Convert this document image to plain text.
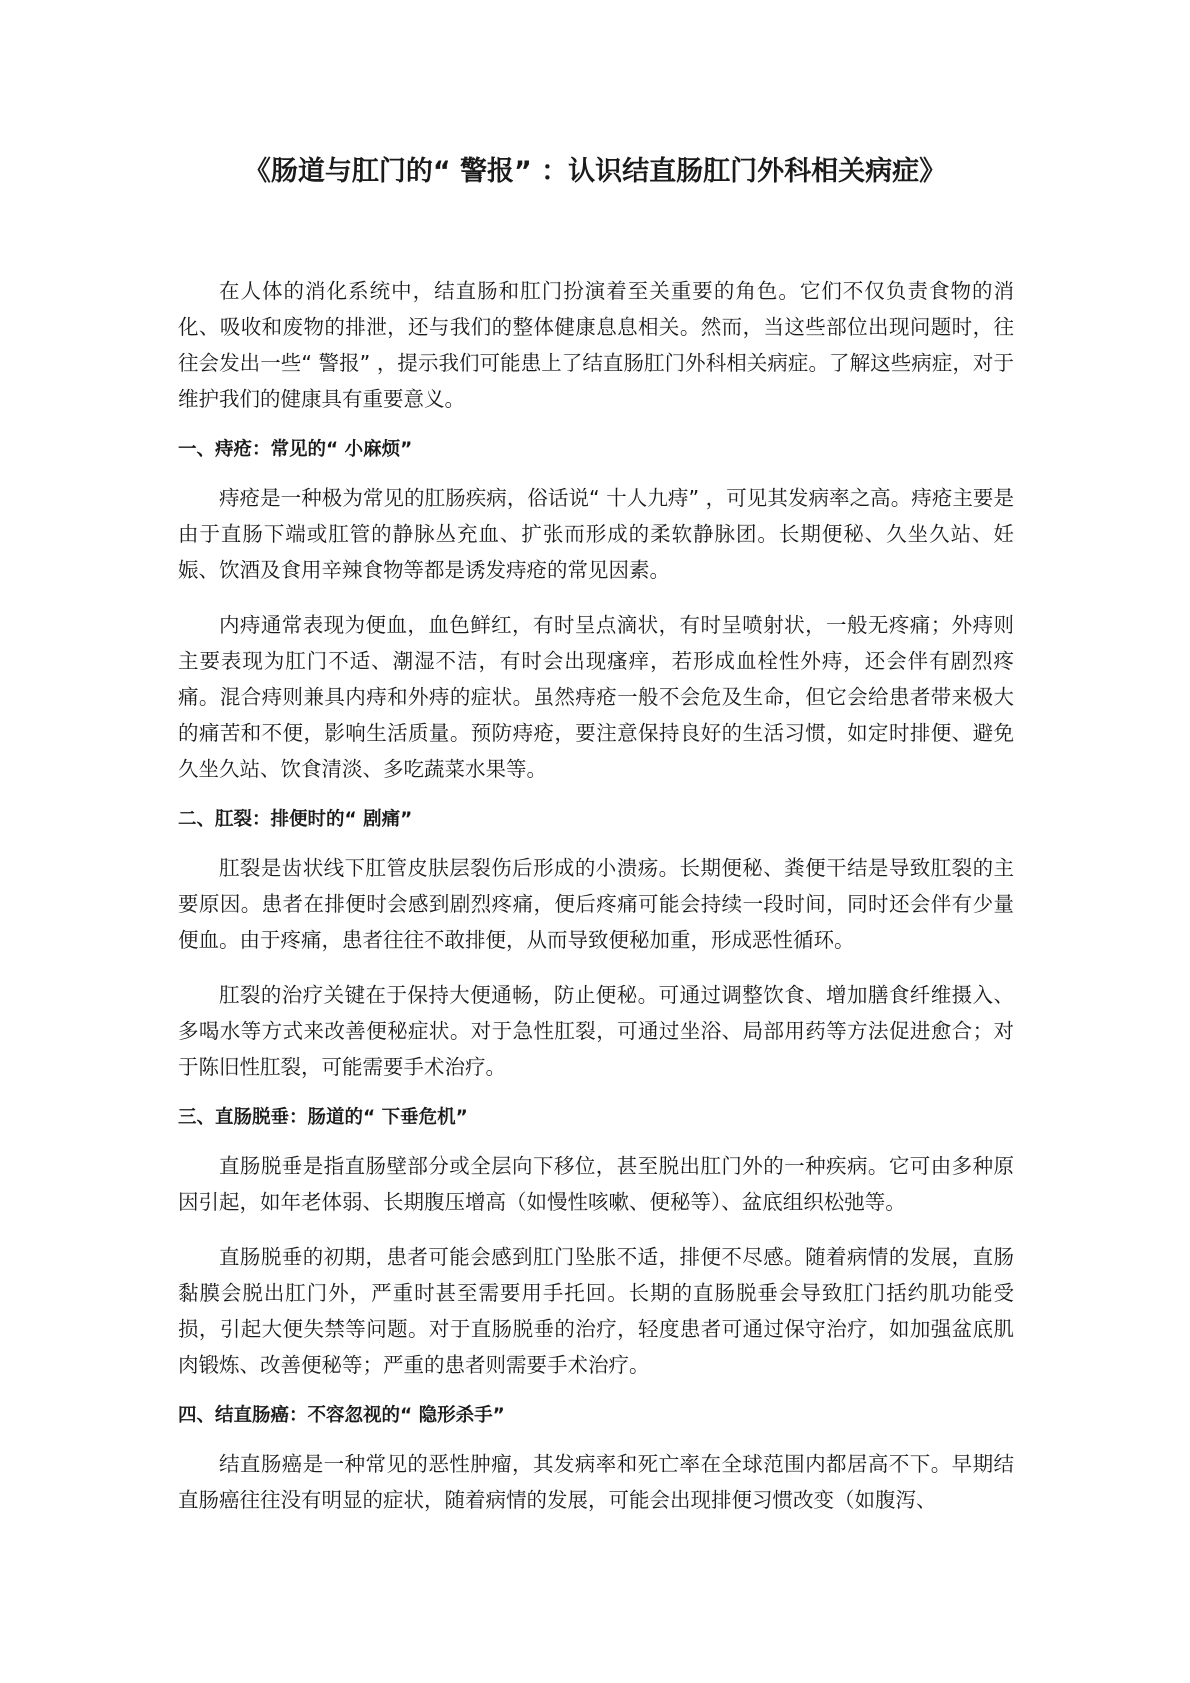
《肠道与肛门的“ 警报” ：认识结直肠肛门外科相关病症》

在人体的消化系统中，结直肠和肛门扮演着至关重要的角色。它们不仅负责食物的消化、吸收和废物的排泄，还与我们的整体健康息息相关。然而，当这些部位出现问题时，往往会发出一些“ 警报” ，提示我们可能患上了结直肠肛门外科相关病症。了解这些病症，对于维护我们的健康具有重要意义。

一、痔疮：常见的“ 小麻烦”

痔疮是一种极为常见的肛肠疾病，俗话说“ 十人九痔” ，可见其发病率之高。痔疮主要是由于直肠下端或肛管的静脉丛充血、扩张而形成的柔软静脉团。长期便秘、久坐久站、妊娠、饮酒及食用辛辣食物等都是诱发痔疮的常见因素。

内痔通常表现为便血，血色鲜红，有时呈点滴状，有时呈喷射状，一般无疼痛；外痔则主要表现为肛门不适、潮湿不洁，有时会出现瘙痒，若形成血栓性外痔，还会伴有剧烈疼痛。混合痔则兼具内痔和外痔的症状。虽然痔疮一般不会危及生命，但它会给患者带来极大的痛苦和不便，影响生活质量。预防痔疮，要注意保持良好的生活习惯，如定时排便、避免久坐久站、饮食清淡、多吃蔬菜水果等。

二、肛裂：排便时的“ 剧痛”

肛裂是齿状线下肛管皮肤层裂伤后形成的小溃疡。长期便秘、粪便干结是导致肛裂的主要原因。患者在排便时会感到剧烈疼痛，便后疼痛可能会持续一段时间，同时还会伴有少量便血。由于疼痛，患者往往不敢排便，从而导致便秘加重，形成恶性循环。

肛裂的治疗关键在于保持大便通畅，防止便秘。可通过调整饮食、增加膳食纤维摄入、多喝水等方式来改善便秘症状。对于急性肛裂，可通过坐浴、局部用药等方法促进愈合；对于陈旧性肛裂，可能需要手术治疗。

三、直肠脱垂：肠道的“ 下垂危机”

直肠脱垂是指直肠壁部分或全层向下移位，甚至脱出肛门外的一种疾病。它可由多种原因引起，如年老体弱、长期腹压增高（如慢性咳嗽、便秘等）、盆底组织松弛等。

直肠脱垂的初期，患者可能会感到肛门坠胀不适，排便不尽感。随着病情的发展，直肠黏膜会脱出肛门外，严重时甚至需要用手托回。长期的直肠脱垂会导致肛门括约肌功能受损，引起大便失禁等问题。对于直肠脱垂的治疗，轻度患者可通过保守治疗，如加强盆底肌肉锻炼、改善便秘等；严重的患者则需要手术治疗。

四、结直肠癌：不容忽视的“ 隐形杀手”

结直肠癌是一种常见的恶性肿瘤，其发病率和死亡率在全球范围内都居高不下。早期结直肠癌往往没有明显的症状，随着病情的发展，可能会出现排便习惯改变（如腹泻、
